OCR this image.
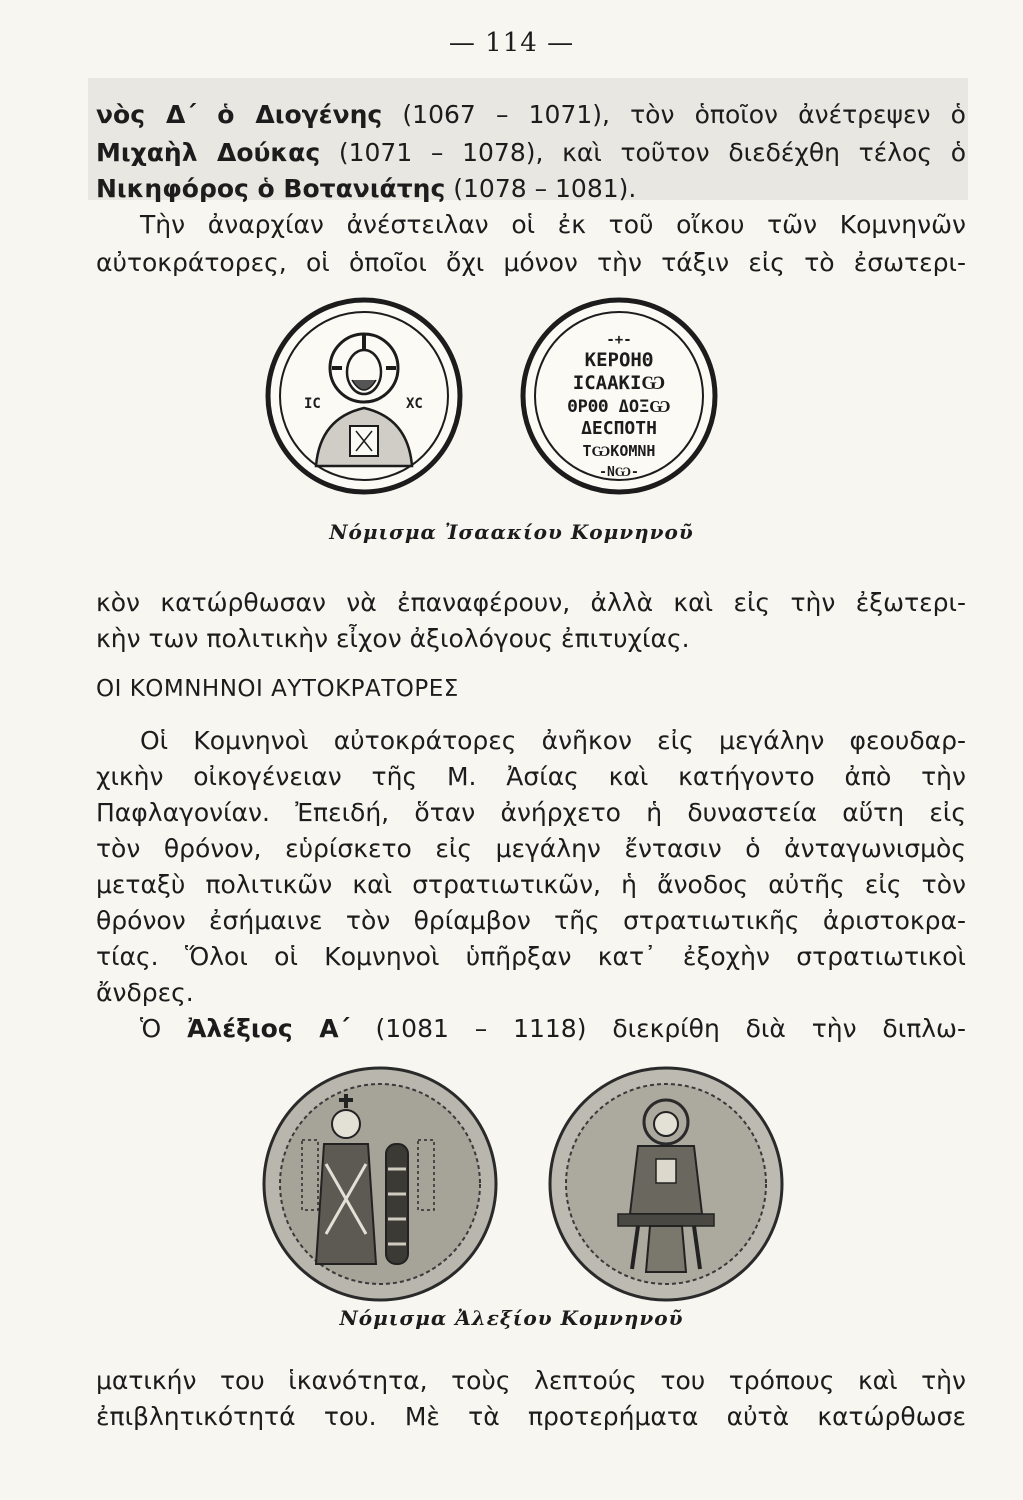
— 114 —
νὸς Δ΄ ὁ Διογένης (1067 – 1071), τὸν ὁποῖον ἀνέτρεψεν ὁ
Μιχαὴλ Δούκας (1071 – 1078), καὶ τοῦτον διεδέχθη τέλος ὁ
Νικηφόρος ὁ Βοτανιάτης (1078 – 1081).
Τὴν ἀναρχίαν ἀνέστειλαν οἱ ἐκ τοῦ οἴκου τῶν Κομνηνῶν
αὐτοκράτορες, οἱ ὁποῖοι ὄχι μόνον τὴν τάξιν εἰς τὸ ἐσωτερι-
IC	XC
-+-
ΚΕΡΟΗΘ
ΙCΑΑΚΙѠ
ΘΡΘΘ ΔΟΞѠ
ΔΕCΠΟΤΗ
ΤѠΚΟΜΝΗ
-ΝѠ-
Νόμισμα Ἰσαακίου Κομνηνοῦ
κὸν κατώρθωσαν νὰ ἐπαναφέρουν, ἀλλὰ καὶ εἰς τὴν ἐξωτερι-
κὴν των πολιτικὴν εἶχον ἀξιολόγους ἐπιτυχίας.
ΟΙ ΚΟΜΝΗΝΟΙ ΑΥΤΟΚΡΑΤΟΡΕΣ
Οἱ Κομνηνοὶ αὐτοκράτορες ἀνῆκον εἰς μεγάλην φεουδαρ-
χικὴν οἰκογένειαν τῆς Μ. Ἀσίας καὶ κατήγοντο ἀπὸ τὴν
Παφλαγονίαν. Ἐπειδή, ὅταν ἀνήρχετο ἡ δυναστεία αὕτη εἰς
τὸν θρόνον, εὑρίσκετο εἰς μεγάλην ἔντασιν ὁ ἀνταγωνισμὸς
μεταξὺ πολιτικῶν καὶ στρατιωτικῶν, ἡ ἄνοδος αὐτῆς εἰς τὸν
θρόνον ἐσήμαινε τὸν θρίαμβον τῆς στρατιωτικῆς ἀριστοκρα-
τίας. Ὅλοι οἱ Κομνηνοὶ ὑπῆρξαν κατ᾽ ἐξοχὴν στρατιωτικοὶ
ἄνδρες.
Ὁ Ἀλέξιος Α΄ (1081 – 1118) διεκρίθη διὰ τὴν διπλω-
Νόμισμα Ἀλεξίου Κομνηνοῦ
ματικήν του ἱκανότητα, τοὺς λεπτούς του τρόπους καὶ τὴν
ἐπιβλητικότητά του. Μὲ τὰ προτερήματα αὐτὰ κατώρθωσε
